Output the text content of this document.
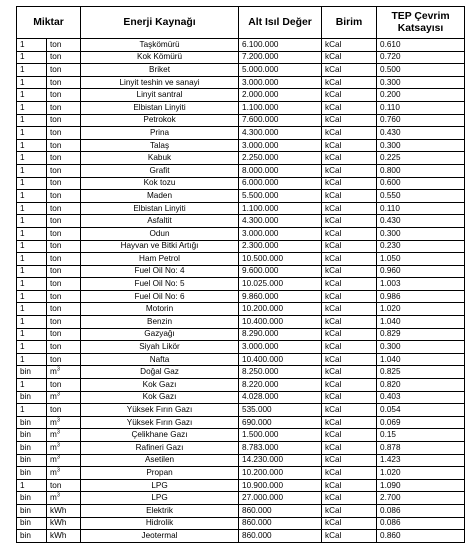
Miktar		Enerji Kaynağı	Alt Isıl Değer	Birim	TEP Çevrim Katsayısı
1	ton	Taşkömürü	6.100.000	kCal	0.610
1	ton	Kok Kömürü	7.200.000	kCal	0.720
1	ton	Briket	5.000.000	kCal	0.500
1	ton	Linyit teshin ve sanayi	3.000.000	kCal	0.300
1	ton	Linyit santral	2.000.000	kCal	0.200
1	ton	Elbistan Linyiti	1.100.000	kCal	0.110
1	ton	Petrokok	7.600.000	kCal	0.760
1	ton	Prina	4.300.000	kCal	0.430
1	ton	Talaş	3.000.000	kCal	0.300
1	ton	Kabuk	2.250.000	kCal	0.225
1	ton	Grafit	8.000.000	kCal	0.800
1	ton	Kok tozu	6.000.000	kCal	0.600
1	ton	Maden	5.500.000	kCal	0.550
1	ton	Elbistan Linyiti	1.100.000	kCal	0.110
1	ton	Asfaltit	4.300.000	kCal	0.430
1	ton	Odun	3.000.000	kCal	0.300
1	ton	Hayvan ve Bitki Artığı	2.300.000	kCal	0.230
1	ton	Ham Petrol	10.500.000	kCal	1.050
1	ton	Fuel Oil No: 4	9.600.000	kCal	0.960
1	ton	Fuel Oil No: 5	10.025.000	kCal	1.003
1	ton	Fuel Oil No: 6	9.860.000	kCal	0.986
1	ton	Motorin	10.200.000	kCal	1.020
1	ton	Benzin	10.400.000	kCal	1.040
1	ton	Gazyağı	8.290.000	kCal	0.829
1	ton	Siyah Likör	3.000.000	kCal	0.300
1	ton	Nafta	10.400.000	kCal	1.040
bin	$m^3$	Doğal Gaz	8.250.000	kCal	0.825
1	ton	Kok Gazı	8.220.000	kCal	0.820
bin	$m^3$	Kok Gazı	4.028.000	kCal	0.403
1	ton	Yüksek Fırın Gazı	535.000	kCal	0.054
bin	$m^3$	Yüksek Fırın Gazı	690.000	kCal	0.069
bin	$m^3$	Çelikhane Gazı	1.500.000	kCal	0.15
bin	$m^3$	Rafineri Gazı	8.783.000	kCal	0.878
bin	$m^3$	Asetilen	14.230.000	kCal	1.423
bin	$m^3$	Propan	10.200.000	kCal	1.020
1	ton	LPG	10.900.000	kCal	1.090
bin	$m^3$	LPG	27.000.000	kCal	2.700
bin	kWh	Elektrik	860.000	kCal	0.086
bin	kWh	Hidrolik	860.000	kCal	0.086
bin	kWh	Jeotermal	860.000	kCal	0.860
